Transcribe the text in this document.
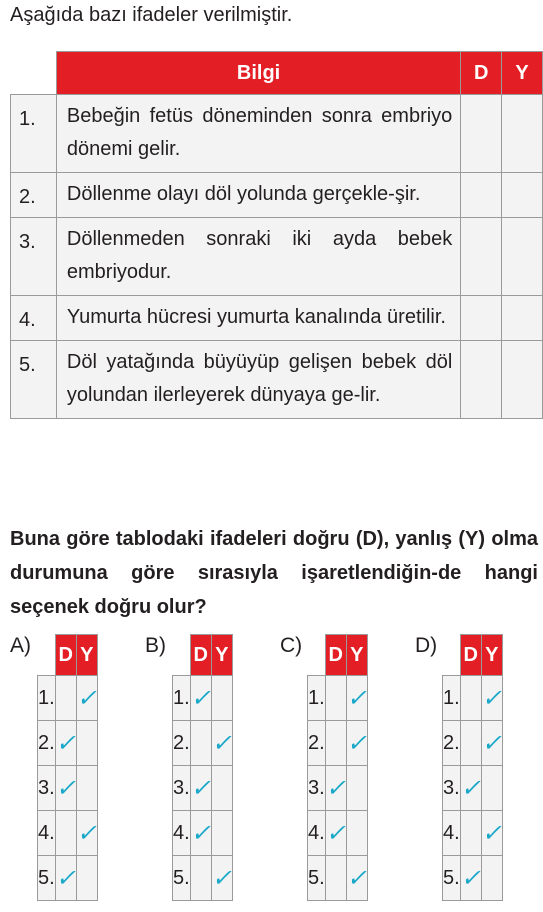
Aşağıda bazı ifadeler verilmiştir.
	Bilgi	D	Y
1.	Bebeğin fetüs döneminden sonra embriyo dönemi gelir.		
2.	Döllenme olayı döl yolunda gerçekle-şir.		
3.	Döllenmeden sonraki iki ayda bebek embriyodur.		
4.	Yumurta hücresi yumurta kanalında üretilir.		
5.	Döl yatağında büyüyüp gelişen bebek döl yolundan ilerleyerek dünyaya ge-lir.		
Buna göre tablodaki ifadeleri doğru (D), yanlış (Y) olma durumuna göre sırasıyla işaretlendiğin-de hangi seçenek doğru olur?
A)
	D	Y
1.		✓
2.	✓	
3.	✓	
4.		✓
5.	✓	
B)
	D	Y
1.	✓	
2.		✓
3.	✓	
4.	✓	
5.		✓
C)
	D	Y
1.		✓
2.		✓
3.	✓	
4.	✓	
5.		✓
D)
	D	Y
1.		✓
2.		✓
3.	✓	
4.		✓
5.	✓	
